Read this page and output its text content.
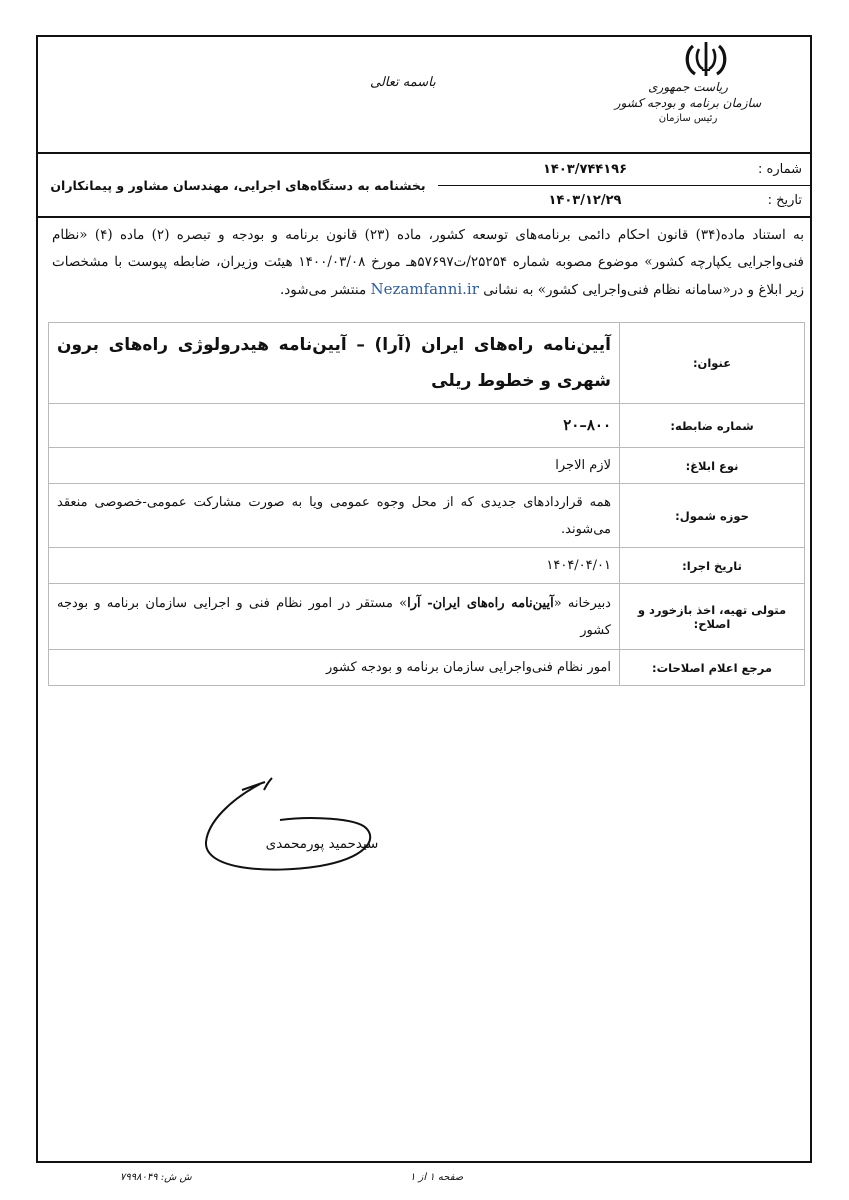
ریاست جمهوری
سازمان برنامه و بودجه کشور
رئیس سازمان
باسمه تعالی
شماره :
۱۴۰۳/۷۴۴۱۹۶
تاریخ :
۱۴۰۳/۱۲/۲۹
بخشنامه به دستگاه‌های اجرایی، مهندسان مشاور و پیمانکاران
به استناد ماده(۳۴) قانون احکام دائمی برنامه‌های توسعه کشور، ماده (۲۳) قانون برنامه و بودجه و تبصره (۲) ماده (۴) «نظام فنی‌واجرایی یکپارچه کشور» موضوع مصوبه شماره ۲۵۲۵۴/ت۵۷۶۹۷هـ مورخ ۱۴۰۰/۰۳/۰۸ هیئت وزیران، ضابطه پیوست با مشخصات زیر ابلاغ و در«سامانه نظام فنی‌واجرایی کشور» به نشانی Nezamfanni.ir منتشر می‌شود.
عنوان:	آیین‌نامه راه‌های ایران (آرا) – آیین‌نامه هیدرولوژی راه‌های برون شهری و خطوط ریلی
شماره ضابطه:	۸۰۰–۲۰
نوع ابلاغ:	لازم الاجرا
حوزه شمول:	همه قراردادهای جدیدی که از محل وجوه عمومی ویا به صورت مشارکت عمومی-خصوصی منعقد می‌شوند.
تاریخ اجرا:	۱۴۰۴/۰۴/۰۱
متولی تهیه، اخذ بازخورد و اصلاح:	دبیرخانه «آیین‌نامه راه‌های ایران- آرا» مستقر در امور نظام فنی و اجرایی سازمان برنامه و بودجه کشور
مرجع اعلام اصلاحات:	امور نظام فنی‌واجرایی سازمان برنامه و بودجه کشور
سیدحمید پورمحمدی
ش ش: ۷۹۹۸۰۴۹	صفحه ۱ از ۱
